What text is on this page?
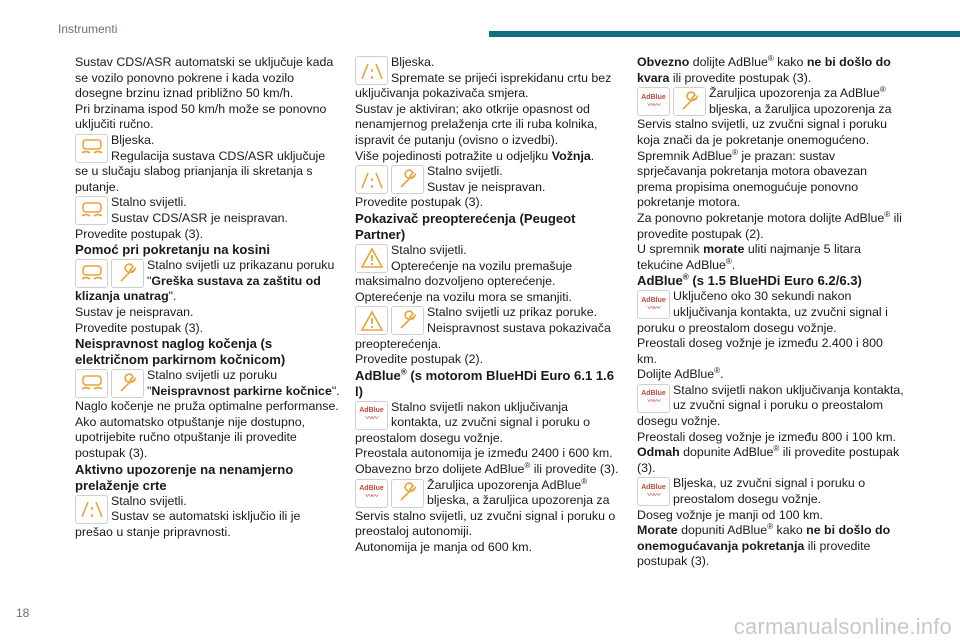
Instrumenti

Sustav CDS/ASR automatski se uključuje kada se vozilo ponovno pokrene i kada vozilo dosegne brzinu iznad približno 50 km/h.

Pri brzinama ispod 50 km/h može se ponovno uključiti ručno.

Bljeska.
Regulacija sustava CDS/ASR uključuje se u slučaju slabog prianjanja ili skretanja s putanje.
Stalno svijetli.
Sustav CDS/ASR je neispravan.
Provedite postupak (3).

Pomoć pri pokretanju na kosini

Stalno svijetli uz prikazanu poruku "Greška sustava za zaštitu od klizanja unatrag".
Sustav je neispravan.
Provedite postupak (3).

Neispravnost naglog kočenja (s električnom parkirnom kočnicom)

Stalno svijetli uz poruku "Neispravnost parkirne kočnice".
Naglo kočenje ne pruža optimalne performanse.
Ako automatsko otpuštanje nije dostupno, upotrijebite ručno otpuštanje ili provedite postupak (3).

Aktivno upozorenje na nenamjerno prelaženje crte

Stalno svijetli.
Sustav se automatski isključio ili je prešao u stanje pripravnosti.
Bljeska.
Spremate se prijeći isprekidanu crtu bez uključivanja pokazivača smjera.
Sustav je aktiviran; ako otkrije opasnost od nenamjernog prelaženja crte ili ruba kolnika, ispravit će putanju (ovisno o izvedbi).
Više pojedinosti potražite u odjeljku Vožnja.
Stalno svijetli.
Sustav je neispravan.
Provedite postupak (3).

Pokazivač preopterećenja (Peugeot Partner)

Stalno svijetli.
Opterećenje na vozilu premašuje maksimalno dozvoljeno opterećenje.
Opterećenje na vozilu mora se smanjiti.
Stalno svijetli uz prikaz poruke.
Neispravnost sustava pokazivača preopterećenja.
Provedite postupak (2).

AdBlue® (s motorom BlueHDi Euro 6.1 1.6 l)

AdBlue
〰〰
Stalno svijetli nakon uključivanja kontakta, uz zvučni signal i poruku o preostalom dosegu vožnje.
Preostala autonomija je između 2400 i 600 km.
Obavezno brzo dolijete AdBlue® ili provedite (3).
AdBlue
〰〰
Žaruljica upozorenja AdBlue® bljeska, a žaruljica upozorenja za Servis stalno svijetli, uz zvučni signal i poruku o preostaloj autonomiji.
Autonomija je manja od 600 km.

Obvezno dolijte AdBlue® kako ne bi došlo do kvara ili provedite postupak (3).

AdBlue
〰〰
Žaruljica upozorenja za AdBlue® bljeska, a žaruljica upozorenja za Servis stalno svijetli, uz zvučni signal i poruku koja znači da je pokretanje onemogućeno.
Spremnik AdBlue® je prazan: sustav sprječavanja pokretanja motora obavezan prema propisima onemogućuje ponovno pokretanje motora.
Za ponovno pokretanje motora dolijte AdBlue® ili provedite postupak (2).
U spremnik morate uliti najmanje 5 litara tekućine AdBlue®.

AdBlue® (s 1.5 BlueHDi Euro 6.2/6.3)

AdBlue
〰〰
Uključeno oko 30 sekundi nakon uključivanja kontakta, uz zvučni signal i poruku o preostalom dosegu vožnje.
Preostali doseg vožnje je između 2.400 i 800 km.
Dolijte AdBlue®.
AdBlue
〰〰
Stalno svijetli nakon uključivanja kontakta, uz zvučni signal i poruku o preostalom dosegu vožnje.
Preostali doseg vožnje je između 800 i 100 km.
Odmah dopunite AdBlue® ili provedite postupak (3).
AdBlue
〰〰
Bljeska, uz zvučni signal i poruku o preostalom dosegu vožnje.
Doseg vožnje je manji od 100 km.
Morate dopuniti AdBlue® kako ne bi došlo do onemogućavanja pokretanja ili provedite postupak (3).
18
carmanualsonline.info
